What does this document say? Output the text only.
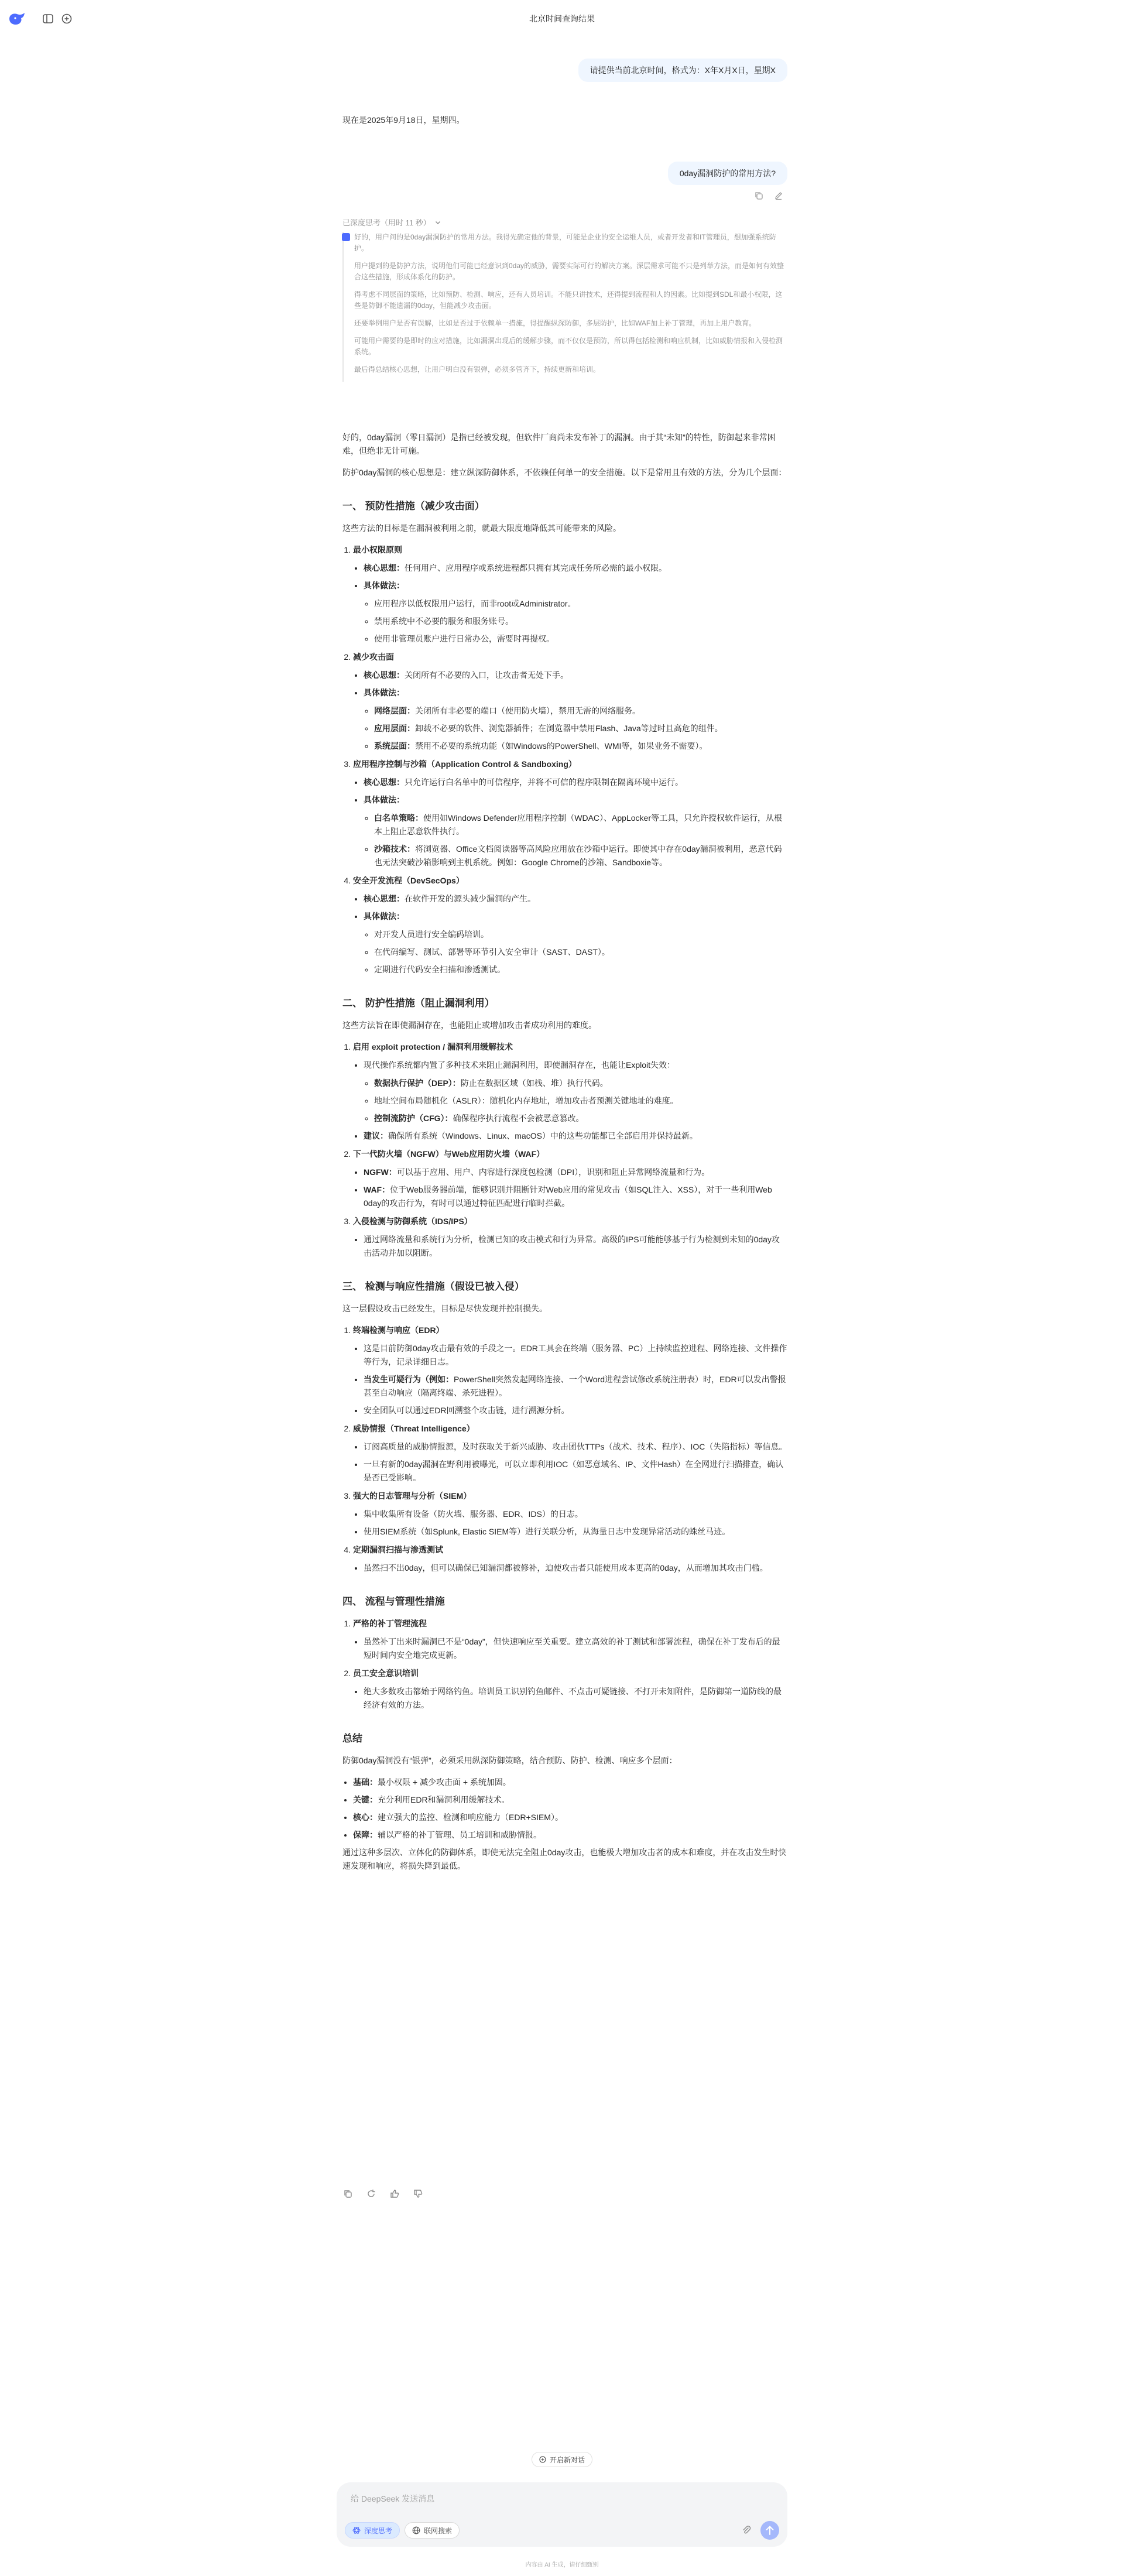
北京时间查询结果
请提供当前北京时间，格式为：X年X月X日，星期X
现在是2025年9月18日，星期四。
0day漏洞防护的常用方法?
已深度思考（用时 11 秒）

好的，用户问的是0day漏洞防护的常用方法。我得先确定他的背景，可能是企业的安全运维人员，或者开发者和IT管理员，想加强系统防护。

用户提到的是防护方法，说明他们可能已经意识到0day的威胁，需要实际可行的解决方案。深层需求可能不只是列举方法，而是如何有效整合这些措施，形成体系化的防护。

得考虑不同层面的策略，比如预防、检测、响应，还有人员培训。不能只讲技术，还得提到流程和人的因素。比如提到SDL和最小权限，这些是防御不能遗漏的0day，但能减少攻击面。

还要举例用户是否有误解，比如是否过于依赖单一措施，得提醒纵深防御，多层防护，比如WAF加上补丁管理，再加上用户教育。

可能用户需要的是即时的应对措施，比如漏洞出现后的缓解步骤，而不仅仅是预防，所以得包括检测和响应机制，比如威胁情报和入侵检测系统。

最后得总结核心思想，让用户明白没有银弹，必须多管齐下，持续更新和培训。

好的，0day漏洞（零日漏洞）是指已经被发现，但软件厂商尚未发布补丁的漏洞。由于其“未知”的特性，防御起来非常困难，但绝非无计可施。

防护0day漏洞的核心思想是：建立纵深防御体系，不依赖任何单一的安全措施。以下是常用且有效的方法，分为几个层面：

一、 预防性措施（减少攻击面）

这些方法的目标是在漏洞被利用之前，就最大限度地降低其可能带来的风险。

1. 最小权限原则
• 核心思想：任何用户、应用程序或系统进程都只拥有其完成任务所必需的最小权限。
• 具体做法：
◦ 应用程序以低权限用户运行，而非root或Administrator。
◦ 禁用系统中不必要的服务和服务账号。
◦ 使用非管理员账户进行日常办公，需要时再提权。
2. 减少攻击面
• 核心思想：关闭所有不必要的入口，让攻击者无处下手。
• 具体做法：
◦ 网络层面：关闭所有非必要的端口（使用防火墙），禁用无需的网络服务。
◦ 应用层面：卸载不必要的软件、浏览器插件；在浏览器中禁用Flash、Java等过时且高危的组件。
◦ 系统层面：禁用不必要的系统功能（如Windows的PowerShell、WMI等，如果业务不需要）。
3. 应用程序控制与沙箱（Application Control & Sandboxing）
• 核心思想：只允许运行白名单中的可信程序，并将不可信的程序限制在隔离环境中运行。
• 具体做法：
◦ 白名单策略：使用如Windows Defender应用程序控制（WDAC）、AppLocker等工具，只允许授权软件运行，从根本上阻止恶意软件执行。
◦ 沙箱技术：将浏览器、Office文档阅读器等高风险应用放在沙箱中运行。即使其中存在0day漏洞被利用，恶意代码也无法突破沙箱影响到主机系统。例如：Google Chrome的沙箱、Sandboxie等。
4. 安全开发流程（DevSecOps）
• 核心思想：在软件开发的源头减少漏洞的产生。
• 具体做法：
◦ 对开发人员进行安全编码培训。
◦ 在代码编写、测试、部署等环节引入安全审计（SAST、DAST）。
◦ 定期进行代码安全扫描和渗透测试。
二、 防护性措施（阻止漏洞利用）

这些方法旨在即使漏洞存在，也能阻止或增加攻击者成功利用的难度。

1. 启用 exploit protection / 漏洞利用缓解技术
• 现代操作系统都内置了多种技术来阻止漏洞利用，即使漏洞存在，也能让Exploit失效：
◦ 数据执行保护（DEP）：防止在数据区域（如栈、堆）执行代码。
◦ 地址空间布局随机化（ASLR）：随机化内存地址，增加攻击者预测关键地址的难度。
◦ 控制流防护（CFG）：确保程序执行流程不会被恶意篡改。
• 建议：确保所有系统（Windows、Linux、macOS）中的这些功能都已全部启用并保持最新。
2. 下一代防火墙（NGFW）与Web应用防火墙（WAF）
• NGFW：可以基于应用、用户、内容进行深度包检测（DPI），识别和阻止异常网络流量和行为。
• WAF：位于Web服务器前端，能够识别并阻断针对Web应用的常见攻击（如SQL注入、XSS），对于一些利用Web 0day的攻击行为，有时可以通过特征匹配进行临时拦截。
3. 入侵检测与防御系统（IDS/IPS）
• 通过网络流量和系统行为分析，检测已知的攻击模式和行为异常。高级的IPS可能能够基于行为检测到未知的0day攻击活动并加以阻断。
三、 检测与响应性措施（假设已被入侵）

这一层假设攻击已经发生，目标是尽快发现并控制损失。

1. 终端检测与响应（EDR）
• 这是目前防御0day攻击最有效的手段之一。EDR工具会在终端（服务器、PC）上持续监控进程、网络连接、文件操作等行为，记录详细日志。
• 当发生可疑行为（例如：PowerShell突然发起网络连接、一个Word进程尝试修改系统注册表）时，EDR可以发出警报甚至自动响应（隔离终端、杀死进程）。
• 安全团队可以通过EDR回溯整个攻击链，进行溯源分析。
2. 威胁情报（Threat Intelligence）
• 订阅高质量的威胁情报源，及时获取关于新兴威胁、攻击团伙TTPs（战术、技术、程序）、IOC（失陷指标）等信息。
• 一旦有新的0day漏洞在野利用被曝光，可以立即利用IOC（如恶意域名、IP、文件Hash）在全网进行扫描排查，确认是否已受影响。
3. 强大的日志管理与分析（SIEM）
• 集中收集所有设备（防火墙、服务器、EDR、IDS）的日志。
• 使用SIEM系统（如Splunk, Elastic SIEM等）进行关联分析，从海量日志中发现异常活动的蛛丝马迹。
4. 定期漏洞扫描与渗透测试
• 虽然扫不出0day，但可以确保已知漏洞都被修补，迫使攻击者只能使用成本更高的0day，从而增加其攻击门槛。
四、 流程与管理性措施
1. 严格的补丁管理流程
• 虽然补丁出来时漏洞已不是“0day”，但快速响应至关重要。建立高效的补丁测试和部署流程，确保在补丁发布后的最短时间内安全地完成更新。
2. 员工安全意识培训
• 绝大多数攻击都始于网络钓鱼。培训员工识别钓鱼邮件、不点击可疑链接、不打开未知附件，是防御第一道防线的最经济有效的方法。
总结

防御0day漏洞没有“银弹”，必须采用纵深防御策略，结合预防、防护、检测、响应多个层面：

• 基础：最小权限 + 减少攻击面 + 系统加固。
• 关键：充分利用EDR和漏洞利用缓解技术。
• 核心：建立强大的监控、检测和响应能力（EDR+SIEM）。
• 保障：辅以严格的补丁管理、员工培训和威胁情报。

通过这种多层次、立体化的防御体系，即使无法完全阻止0day攻击，也能极大增加攻击者的成本和难度，并在攻击发生时快速发现和响应，将损失降到最低。

开启新对话
给 DeepSeek 发送消息
深度思考	联网搜索
内容由 AI 生成，请仔细甄别
